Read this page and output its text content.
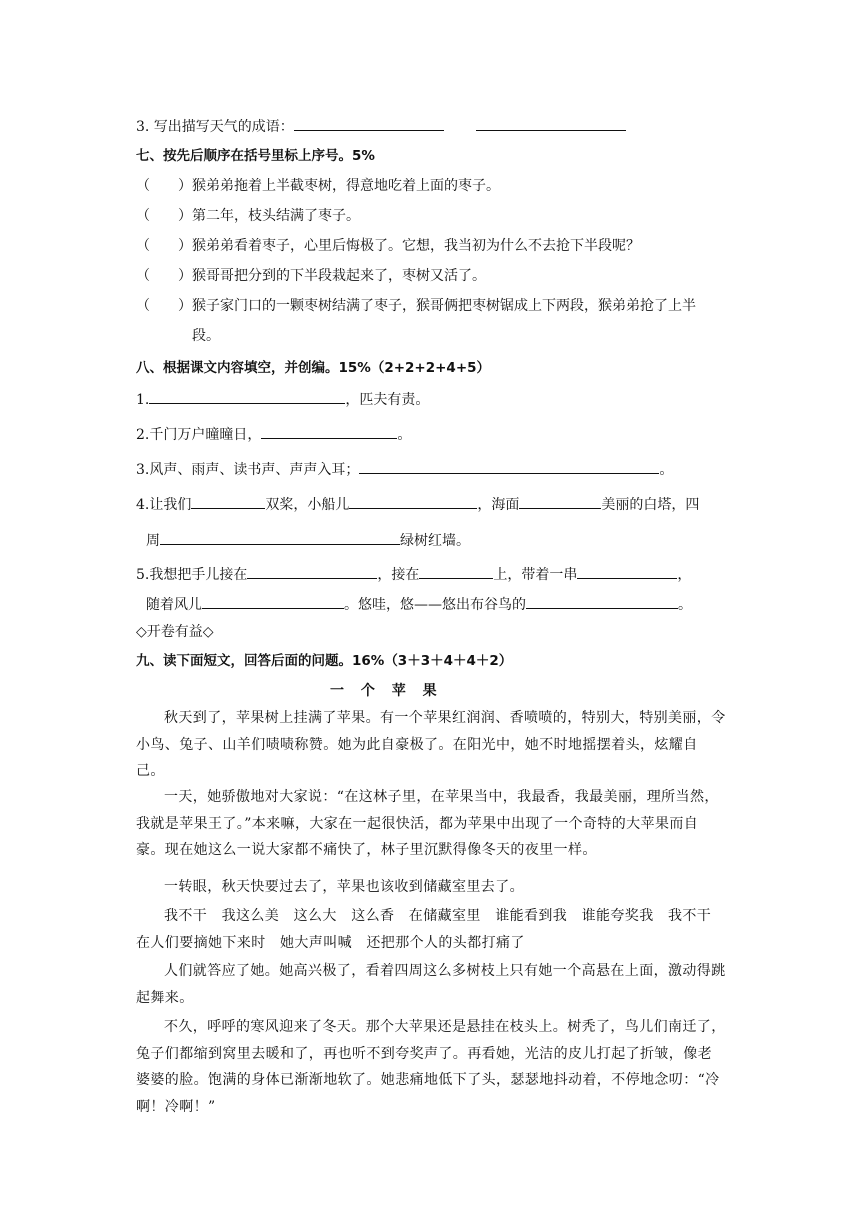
3. 写出描写天气的成语：
七、按先后顺序在括号里标上序号。5%
（ ）猴弟弟拖着上半截枣树，得意地吃着上面的枣子。
（ ）第二年，枝头结满了枣子。
（ ）猴弟弟看着枣子，心里后悔极了。它想，我当初为什么不去抢下半段呢？
（ ）猴哥哥把分到的下半段栽起来了，枣树又活了。
（ ）猴子家门口的一颗枣树结满了枣子，猴哥俩把枣树锯成上下两段，猴弟弟抢了上半
段。
八、根据课文内容填空，并创编。15%（2+2+2+4+5）
1.	，匹夫有责。
2.千门万户曈曈日，	。
3.风声、雨声、读书声、声声入耳；	。
4.让我们	双桨，小船儿	，海面	美丽的白塔，四
周	绿树红墙。
5.我想把手儿接在	，接在	上，带着一串	，
随着风儿	。悠哇，悠——悠出布谷鸟的	。
◇开卷有益◇
九、读下面短文，回答后面的问题。16%（3＋3＋4＋4＋2）
一 个 苹 果
秋天到了，苹果树上挂满了苹果。有一个苹果红润润、香喷喷的，特别大，特别美丽，令小鸟、兔子、山羊们啧啧称赞。她为此自豪极了。在阳光中，她不时地摇摆着头，炫耀自己。
一天，她骄傲地对大家说：“在这林子里，在苹果当中，我最香，我最美丽，理所当然，我就是苹果王了。”本来嘛，大家在一起很快活，都为苹果中出现了一个奇特的大苹果而自豪。现在她这么一说大家都不痛快了，林子里沉默得像冬天的夜里一样。
一转眼，秋天快要过去了，苹果也该收到储藏室里去了。
我不干　我这么美　这么大　这么香　在储藏室里　谁能看到我　谁能夸奖我　我不干　 在人们要摘她下来时　她大声叫喊　还把那个人的头都打痛了
人们就答应了她。她高兴极了，看着四周这么多树枝上只有她一个高悬在上面，激动得跳起舞来。
不久，呼呼的寒风迎来了冬天。那个大苹果还是悬挂在枝头上。树秃了，鸟儿们南迁了，兔子们都缩到窝里去暖和了，再也听不到夸奖声了。再看她，光洁的皮儿打起了折皱，像老婆婆的脸。饱满的身体已渐渐地软了。她悲痛地低下了头，瑟瑟地抖动着，不停地念叨：“冷啊！冷啊！”
